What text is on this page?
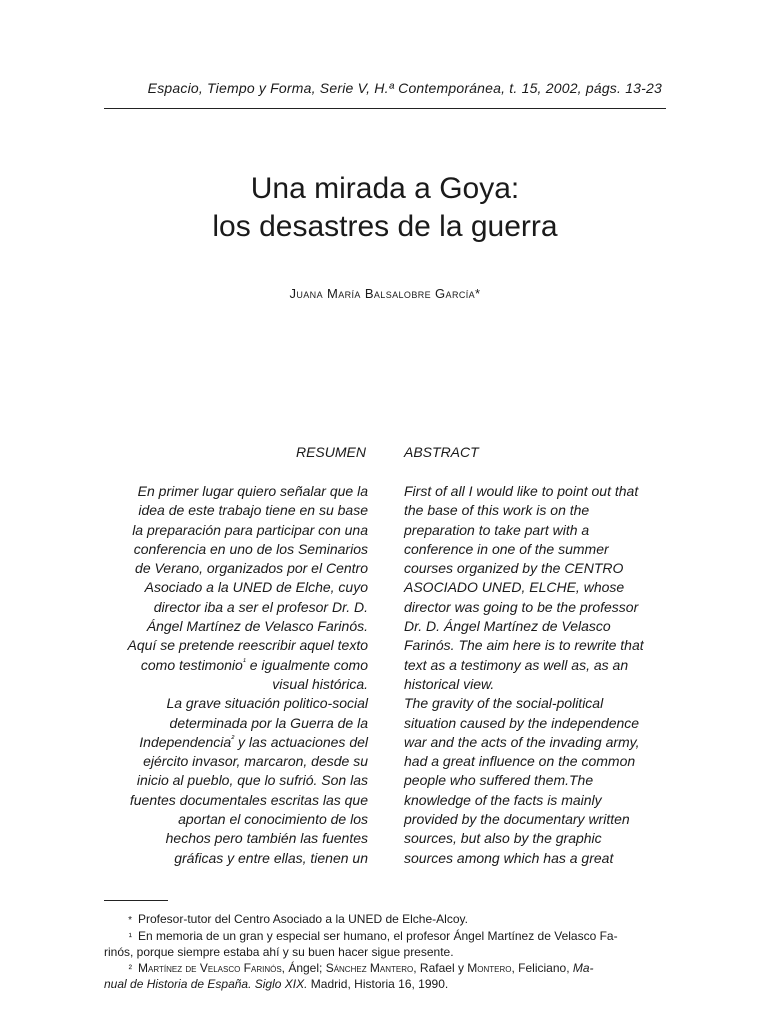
Espacio, Tiempo y Forma, Serie V, H.ª Contemporánea, t. 15, 2002, págs. 13-23
Una mirada a Goya:
los desastres de la guerra
Juana María Balsalobre García*
RESUMEN	ABSTRACT
En primer lugar quiero señalar que la
idea de este trabajo tiene en su base
la preparación para participar con una
conferencia en uno de los Seminarios
de Verano, organizados por el Centro
Asociado a la UNED de Elche, cuyo
director iba a ser el profesor Dr. D.
Ángel Martínez de Velasco Farinós.
Aquí se pretende reescribir aquel texto
como testimonio$^{^1}$ e igualmente como
visual histórica.
La grave situación politico-social
determinada por la Guerra de la
Independencia$^{^2}$ y las actuaciones del
ejército invasor, marcaron, desde su
inicio al pueblo, que lo sufrió. Son las
fuentes documentales escritas las que
aportan el conocimiento de los
hechos pero también las fuentes
gráficas y entre ellas, tienen un
First of all I would like to point out that
the base of this work is on the
preparation to take part with a
conference in one of the summer
courses organized by the CENTRO
ASOCIADO UNED, ELCHE, whose
director was going to be the professor
Dr. D. Ángel Martínez de Velasco
Farinós. The aim here is to rewrite that
text as a testimony as well as, as an
historical view.
The gravity of the social-political
situation caused by the independence
war and the acts of the invading army,
had a great influence on the common
people who suffered them.The
knowledge of the facts is mainly
provided by the documentary written
sources, but also by the graphic
sources among which has a great
* Profesor-tutor del Centro Asociado a la UNED de Elche-Alcoy.
¹ En memoria de un gran y especial ser humano, el profesor Ángel Martínez de Velasco Fa-
rinós, porque siempre estaba ahí y su buen hacer sigue presente.
² Martínez de Velasco Farinós, Ángel; Sánchez Mantero, Rafael y Montero, Feliciano, Ma-
nual de Historia de España. Siglo XIX. Madrid, Historia 16, 1990.
